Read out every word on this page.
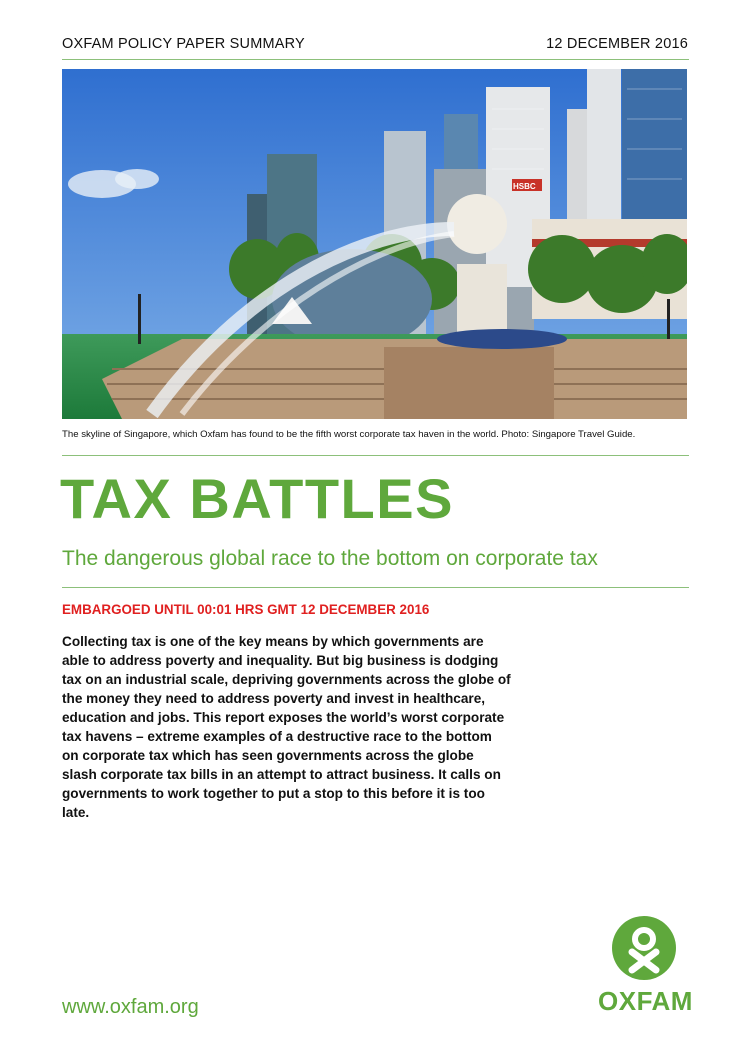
OXFAM POLICY PAPER SUMMARY	12 DECEMBER 2016
HSBC
The skyline of Singapore, which Oxfam has found to be the fifth worst corporate tax haven in the world. Photo: Singapore Travel Guide.
TAX BATTLES
The dangerous global race to the bottom on corporate tax
EMBARGOED UNTIL 00:01 HRS GMT 12 DECEMBER 2016
Collecting tax is one of the key means by which governments are able to address poverty and inequality. But big business is dodging tax on an industrial scale, depriving governments across the globe of the money they need to address poverty and invest in healthcare, education and jobs. This report exposes the world’s worst corporate tax havens – extreme examples of a destructive race to the bottom on corporate tax which has seen governments across the globe slash corporate tax bills in an attempt to attract business. It calls on governments to work together to put a stop to this before it is too late.
www.oxfam.org	OXFAM
